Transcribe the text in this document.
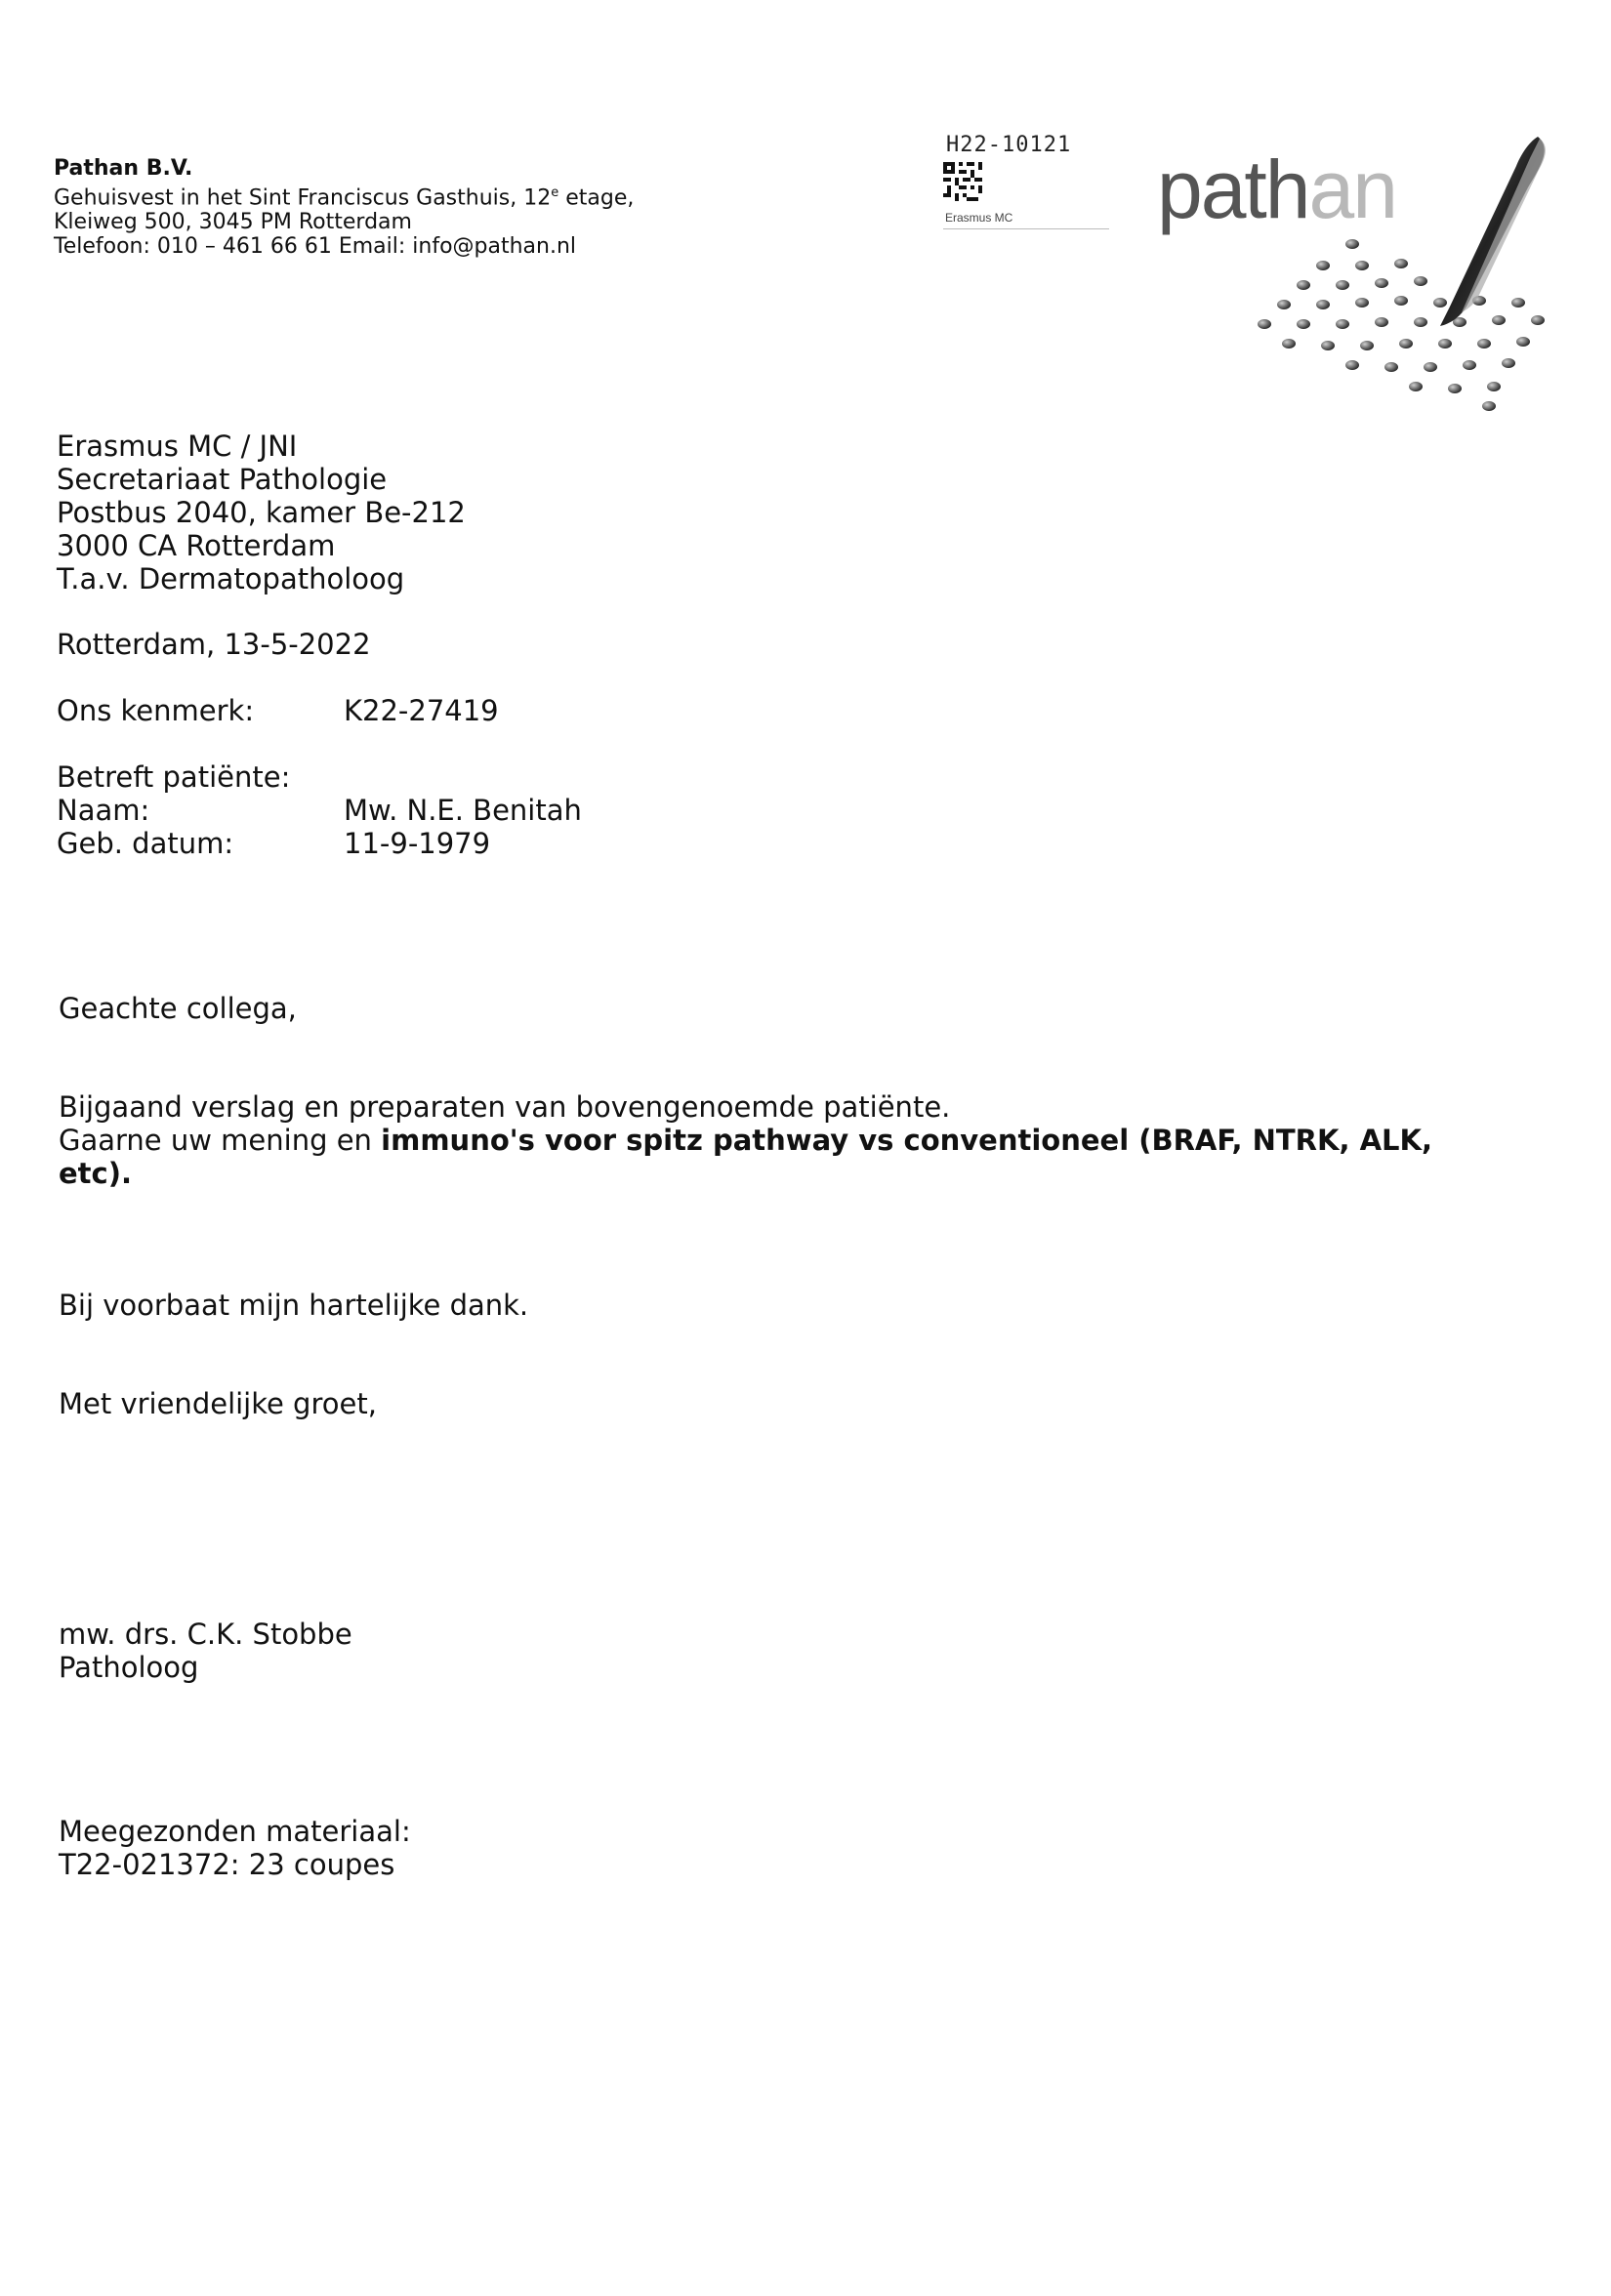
Pathan B.V.
Gehuisvest in het Sint Franciscus Gasthuis, 12e etage,
Kleiweg 500, 3045 PM Rotterdam
Telefoon: 010 – 461 66 61 Email: info@pathan.nl
H22-10121
Erasmus MC pathan
Erasmus MC / JNI
Secretariaat Pathologie
Postbus 2040, kamer Be-212
3000 CA Rotterdam
T.a.v. Dermatopatholoog
Rotterdam, 13-5-2022
Ons kenmerk:	K22-27419
Betreft patiënte:
Naam:
Geb. datum:
Mw. N.E. Benitah
11-9-1979
Geachte collega,
Bijgaand verslag en preparaten van bovengenoemde patiënte.
Gaarne uw mening en immuno's voor spitz pathway vs conventioneel (BRAF, NTRK, ALK,
etc).
Bij voorbaat mijn hartelijke dank.
Met vriendelijke groet,
mw. drs. C.K. Stobbe
Patholoog
Meegezonden materiaal:
T22-021372: 23 coupes
